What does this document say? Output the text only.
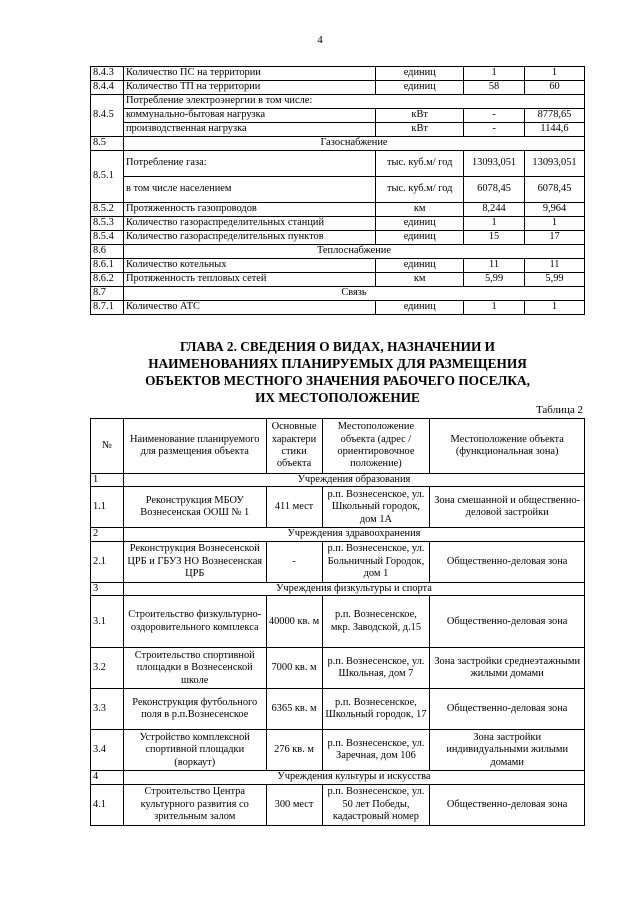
4
8.4.3	Количество ПС на территории	единиц	1	1
8.4.4	Количество ТП на территории	единиц	58	60
8.4.5	Потребление электроэнергии в том числе:			
	коммунально-бытовая нагрузка	кВт	-	8778,65
	производственная нагрузка	кВт	-	1144,6
8.5	Газоснабжение			
8.5.1	Потребление газа:	тыс. куб.м/ год	13093,051	13093,051
	в том числе населением	тыс. куб.м/ год	6078,45	6078,45
8.5.2	Протяженность газопроводов	км	8,244	9,964
8.5.3	Количество газораспределительных станций	единиц	1	1
8.5.4	Количество газораспределительных пунктов	единиц	15	17
8.6	Теплоснабжение			
8.6.1	Количество котельных	единиц	11	11
8.6.2	Протяженность тепловых сетей	км	5,99	5,99
8.7	Связь			
8.7.1	Количество АТС	единиц	1	1
ГЛАВА 2. СВЕДЕНИЯ О ВИДАХ, НАЗНАЧЕНИИ И
НАИМЕНОВАНИЯХ ПЛАНИРУЕМЫХ ДЛЯ РАЗМЕЩЕНИЯ
ОБЪЕКТОВ МЕСТНОГО ЗНАЧЕНИЯ РАБОЧЕГО ПОСЕЛКА,
ИХ МЕСТОПОЛОЖЕНИЕ
Таблица 2
№	Наименование планируемого для размещения объекта	Основные характери стики объекта	Местоположение объекта (адрес / ориентировочное положение)	Местоположение объекта (функциональная зона)
1	Учреждения образования			
1.1	Реконструкция МБОУ Вознесенская ООШ № 1	411 мест	р.п. Вознесенское, ул. Школьный городок, дом 1А	Зона смешанной и общественно-деловой застройки
2	Учреждения здравоохранения			
2.1	Реконструкция Вознесенской ЦРБ и ГБУЗ НО Вознесенская ЦРБ	-	р.п. Вознесенское, ул. Больничный Городок, дом 1	Общественно-деловая зона
3	Учреждения физкультуры и спорта			
3.1	Строительство физкультурно-оздоровительного комплекса	40000 кв. м	р.п. Вознесенское, мкр. Заводской, д.15	Общественно-деловая зона
3.2	Строительство спортивной площадки в Вознесенской школе	7000 кв. м	р.п. Вознесенское, ул. Школьная, дом 7	Зона застройки среднеэтажными жилыми домами
3.3	Реконструкция футбольного поля в р.п.Вознесенское	6365 кв. м	р.п. Вознесенское, Школьный городок, 17	Общественно-деловая зона
3.4	Устройство комплексной спортивной площадки (воркаут)	276 кв. м	р.п. Вознесенское, ул. Заречная, дом 106	Зона застройки индивидуальными жилыми домами
4	Учреждения культуры и искусства			
4.1	Строительство Центра культурного развития со зрительным залом	300 мест	р.п. Вознесенское, ул. 50 лет Победы, кадастровый номер	Общественно-деловая зона
